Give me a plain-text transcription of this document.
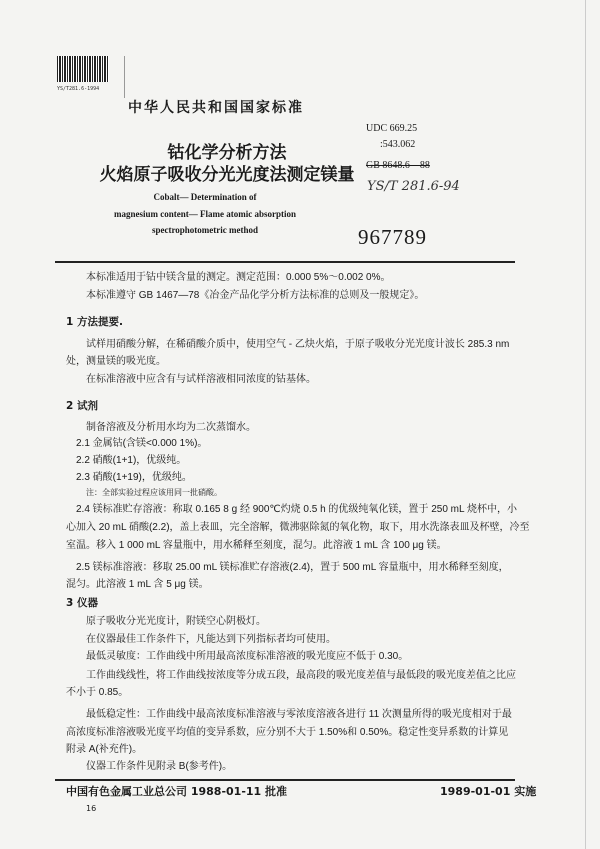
YS/T281.6-1994
中华人民共和国国家标准
钴化学分析方法
火焰原子吸收分光光度法测定镁量
Cobalt— Determination of
magnesium content— Flame atomic absorption
spectrophotometric method
UDC 669.25
:543.062
GB 8648.6—88
YS/T 281.6-94
967789
本标准适用于钴中镁含量的测定。测定范围：0.000 5%～0.002 0%。
本标准遵守 GB 1467—78《冶金产品化学分析方法标准的总则及一般规定》。
1 方法提要.
试样用硝酸分解，在稀硝酸介质中，使用空气 - 乙炔火焰，于原子吸收分光光度计波长 285.3 nm
处，测量镁的吸光度。
在标准溶液中应含有与试样溶液相同浓度的钴基体。
2 试剂
制备溶液及分析用水均为二次蒸馏水。
2.1 金属钴(含镁<0.000 1%)。
2.2 硝酸(1+1)，优级纯。
2.3 硝酸(1+19)，优级纯。
注：全部实验过程应该用同一批硝酸。
2.4 镁标准贮存溶液：称取 0.165 8 g 经 900℃灼烧 0.5 h 的优级纯氧化镁，置于 250 mL 烧杯中，小
心加入 20 mL 硝酸(2.2)，盖上表皿，完全溶解，微沸驱除氮的氧化物，取下，用水洗涤表皿及杯壁，冷至
室温。移入 1 000 mL 容量瓶中，用水稀释至刻度，混匀。此溶液 1 mL 含 100 μg 镁。
2.5 镁标准溶液：移取 25.00 mL 镁标准贮存溶液(2.4)，置于 500 mL 容量瓶中，用水稀释至刻度，
混匀。此溶液 1 mL 含 5 μg 镁。
3 仪器
原子吸收分光光度计，附镁空心阴极灯。
在仪器最佳工作条件下，凡能达到下列指标者均可使用。
最低灵敏度：工作曲线中所用最高浓度标准溶液的吸光度应不低于 0.30。
工作曲线线性，将工作曲线按浓度等分成五段，最高段的吸光度差值与最低段的吸光度差值之比应
不小于 0.85。
最低稳定性：工作曲线中最高浓度标准溶液与零浓度溶液各进行 11 次测量所得的吸光度相对于最
高浓度标准溶液吸光度平均值的变异系数，应分别不大于 1.50%和 0.50%。稳定性变异系数的计算见
附录 A(补充件)。
仪器工作条件见附录 B(参考件)。
中国有色金属工业总公司 1988-01-11 批准	1989-01-01 实施
16
